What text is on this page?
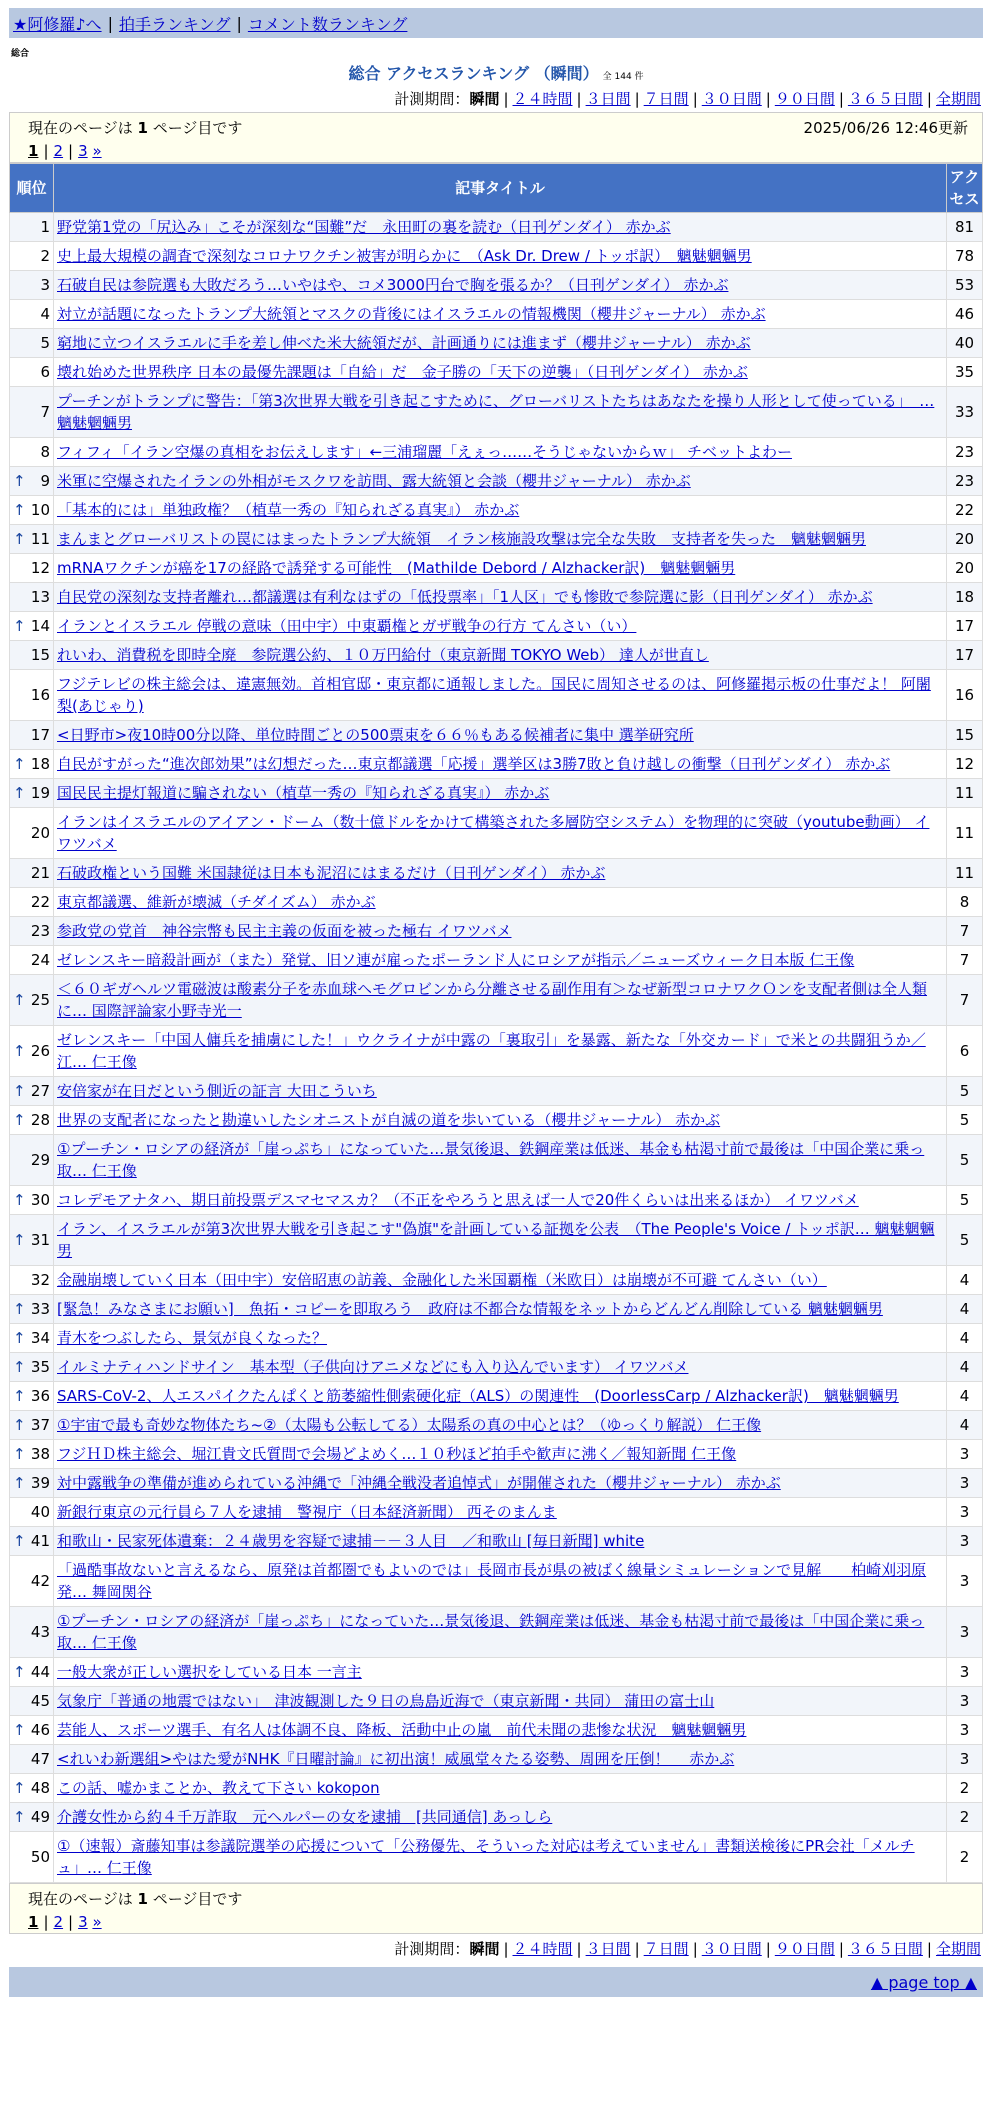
★阿修羅♪へ | 拍手ランキング | コメント数ランキング
総合
総合 アクセスランキング （瞬間） 全 144 件
計測期間：瞬間 | ２４時間 | ３日間 | ７日間 | ３０日間 | ９０日間 | ３６５日間 | 全期間
現在のページは 1 ページ目です	2025/06/26 12:46更新
1 | 2 | 3 »
順位	記事タイトル	アクセス
1	野党第1党の「尻込み」こそが深刻な“国難”だ　永田町の裏を読む（日刊ゲンダイ） 赤かぶ	81
2	史上最大規模の調査で深刻なコロナワクチン被害が明らかに　（Ask Dr. Drew / トッポ訳）　魑魅魍魎男	78
3	石破自民は参院選も大敗だろう…いやはや、コメ3000円台で胸を張るか？（日刊ゲンダイ） 赤かぶ	53
4	対立が話題になったトランプ大統領とマスクの背後にはイスラエルの情報機関（櫻井ジャーナル） 赤かぶ	46
5	窮地に立つイスラエルに手を差し伸べた米大統領だが、計画通りには進まず（櫻井ジャーナル） 赤かぶ	40
6	壊れ始めた世界秩序 日本の最優先課題は「自給」だ　金子勝の「天下の逆襲」（日刊ゲンダイ） 赤かぶ	35
7	プーチンがトランプに警告：「第3次世界大戦を引き起こすために、グローバリストたちはあなたを操り人形として使っている」　… 魑魅魍魎男	33
8	フィフィ「イラン空爆の真相をお伝えします」←三浦瑠麗「えぇっ……そうじゃないからｗ」 チベットよわー	23

↑ 9	米軍に空爆されたイランの外相がモスクワを訪問、露大統領と会談（櫻井ジャーナル） 赤かぶ	23

↑ 10	「基本的には」単独政権？（植草一秀の『知られざる真実』） 赤かぶ	22

↑ 11	まんまとグローバリストの罠にはまったトランプ大統領　イラン核施設攻撃は完全な失敗　支持者を失った　魑魅魍魎男	20
12	mRNAワクチンが癌を17の経路で誘発する可能性　(Mathilde Debord / Alzhacker訳)　魑魅魍魎男	20
13	自民党の深刻な支持者離れ…都議選は有利なはずの「低投票率」「1人区」でも惨敗で参院選に影（日刊ゲンダイ） 赤かぶ	18

↑ 14	イランとイスラエル 停戦の意味（田中宇）中東覇権とガザ戦争の行方 てんさい（い）	17
15	れいわ、消費税を即時全廃　参院選公約、１０万円給付（東京新聞 TOKYO Web） 達人が世直し	17
16	フジテレビの株主総会は、違憲無効。首相官邸・東京都に通報しました。国民に周知させるのは、阿修羅掲示板の仕事だよ！ 阿闍梨(あじゃり)	16
17	<日野市>夜10時00分以降、単位時間ごとの500票束を６６％もある候補者に集中 選挙研究所	15

↑ 18	自民がすがった“進次郎効果”は幻想だった…東京都議選「応援」選挙区は3勝7敗と負け越しの衝撃（日刊ゲンダイ） 赤かぶ	12

↑ 19	国民民主提灯報道に騙されない（植草一秀の『知られざる真実』） 赤かぶ	11
20	イランはイスラエルのアイアン・ドーム（数十億ドルをかけて構築された多層防空システム）を物理的に突破（youtube動画） イワツバメ	11
21	石破政権という国難 米国隷従は日本も泥沼にはまるだけ（日刊ゲンダイ） 赤かぶ	11
22	東京都議選、維新が壊滅（チダイズム） 赤かぶ	8
23	参政党の党首　神谷宗幣も民主主義の仮面を被った極右 イワツバメ	7
24	ゼレンスキー暗殺計画が（また）発覚、旧ソ連が雇ったポーランド人にロシアが指示／ニューズウィーク日本版 仁王像	7

↑ 25	＜６０ギガヘルツ電磁波は酸素分子を赤血球ヘモグロビンから分離させる副作用有＞なぜ新型コロナワクＯンを支配者側は全人類に… 国際評論家小野寺光一	7

↑ 26	ゼレンスキー「中国人傭兵を捕虜にした！」ウクライナが中露の「裏取引」を暴露、新たな「外交カード」で米との共闘狙うか／江… 仁王像	6

↑ 27	安倍家が在日だという側近の証言 大田こういち	5

↑ 28	世界の支配者になったと勘違いしたシオニストが自滅の道を歩いている（櫻井ジャーナル） 赤かぶ	5
29	①プーチン・ロシアの経済が「崖っぷち」になっていた…景気後退、鉄鋼産業は低迷、基金も枯渇寸前で最後は「中国企業に乗っ取… 仁王像	5

↑ 30	コレデモアナタハ、期日前投票デスマセマスカ？（不正をやろうと思えば一人で20件くらいは出来るほか） イワツバメ	5

↑ 31	イラン、イスラエルが第3次世界大戦を引き起こす"偽旗"を計画している証拠を公表　（The People's Voice / トッポ訳… 魑魅魍魎男	5
32	金融崩壊していく日本（田中宇）安倍昭恵の訪義、金融化した米国覇権（米欧日）は崩壊が不可避 てんさい（い）	4

↑ 33	[緊急！みなさまにお願い]　魚拓・コピーを即取ろう　政府は不都合な情報をネットからどんどん削除している 魑魅魍魎男	4

↑ 34	青木をつぶしたら、景気が良くなった？	4

↑ 35	イルミナティハンドサイン　基本型（子供向けアニメなどにも入り込んでいます） イワツバメ	4

↑ 36	SARS-CoV-2、人エスパイクたんぱくと筋萎縮性側索硬化症（ALS）の関連性　(DoorlessCarp / Alzhacker訳)　魑魅魍魎男	4

↑ 37	①宇宙で最も奇妙な物体たち~②（太陽も公転してる）太陽系の真の中心とは？（ゆっくり解説） 仁王像	4

↑ 38	フジＨＤ株主総会、堀江貴文氏質問で会場どよめく…１０秒ほど拍手や歓声に沸く／報知新聞 仁王像	3

↑ 39	対中露戦争の準備が進められている沖縄で「沖縄全戦没者追悼式」が開催された（櫻井ジャーナル） 赤かぶ	3
40	新銀行東京の元行員ら７人を逮捕　警視庁（日本経済新聞） 西そのまんま	3

↑ 41	和歌山・民家死体遺棄：２４歳男を容疑で逮捕－－３人目　／和歌山 [毎日新聞] white	3
42	「過酷事故ないと言えるなら、原発は首都圏でもよいのでは」長岡市長が県の被ばく線量シミュレーションで見解　　柏崎刈羽原発… 舞岡関谷	3
43	①プーチン・ロシアの経済が「崖っぷち」になっていた…景気後退、鉄鋼産業は低迷、基金も枯渇寸前で最後は「中国企業に乗っ取… 仁王像	3

↑ 44	一般大衆が正しい選択をしている日本 一言主	3
45	気象庁「普通の地震ではない」　津波観測した９日の鳥島近海で（東京新聞・共同） 蒲田の富士山	3

↑ 46	芸能人、スポーツ選手、有名人は体調不良、降板、活動中止の嵐　前代未聞の悲惨な状況　魑魅魍魎男	3
47	<れいわ新選組>やはた愛がNHK『日曜討論』に初出演！威風堂々たる姿勢、周囲を圧倒！　 赤かぶ	3

↑ 48	この話、嘘かまことか、教えて下さい kokopon	2

↑ 49	介護女性から約４千万詐取　元ヘルパーの女を逮捕　[共同通信] あっしら	2
50	①（速報）斎藤知事は参議院選挙の応援について「公務優先、そういった対応は考えていません」書類送検後にPR会社「メルチュ」… 仁王像	2
現在のページは 1 ページ目です
1 | 2 | 3 »
計測期間：瞬間 | ２４時間 | ３日間 | ７日間 | ３０日間 | ９０日間 | ３６５日間 | 全期間
▲ page top ▲
